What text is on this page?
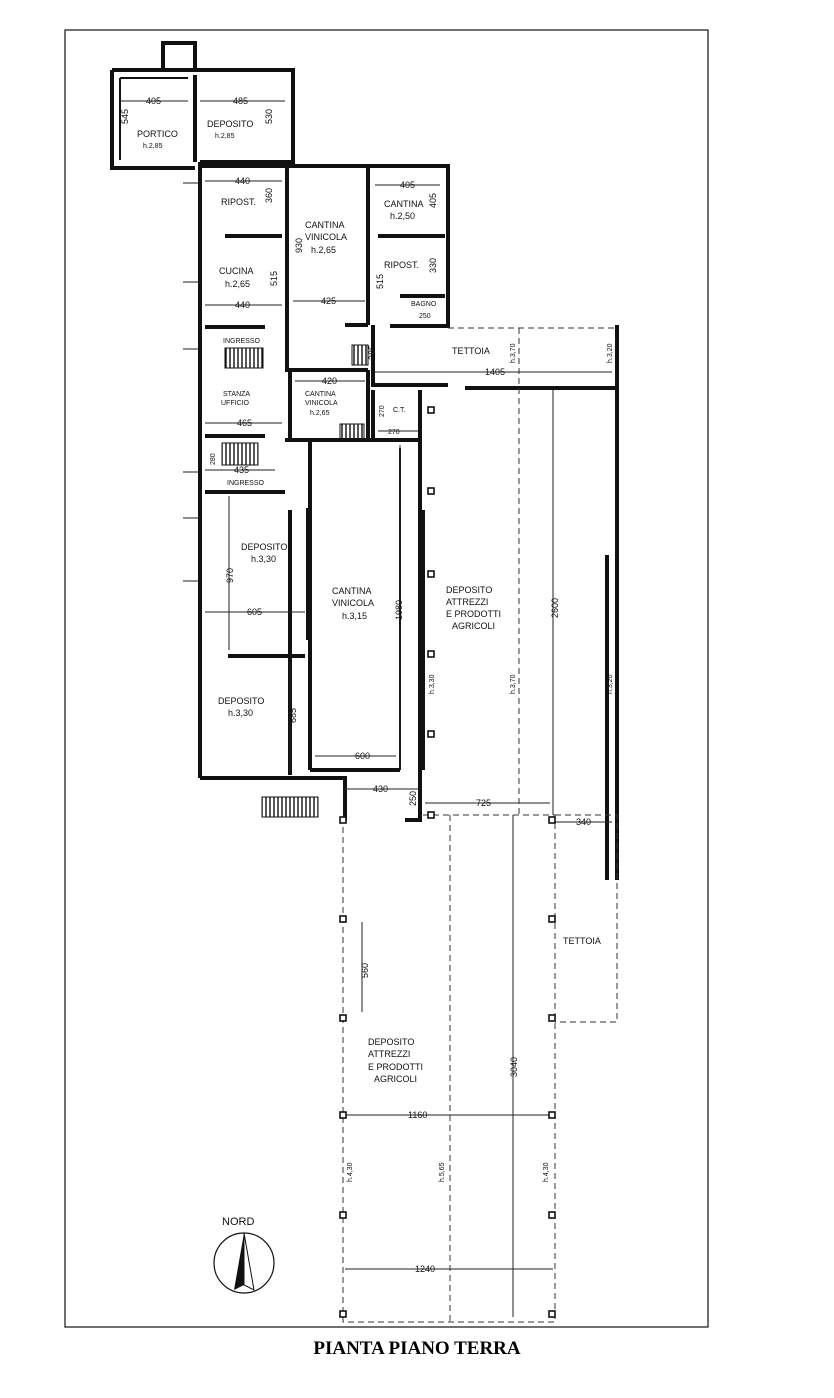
PORTICO
h.2,85
DEPOSITO
h.2,85
RIPOST.
CUCINA
h.2,65
INGRESSO
STANZA
UFFICIO
INGRESSO
CANTINA
VINICOLA
h.2,65
CANTINA
VINICOLA
h.2,65
CANTINA
h.2,50
RIPOST.
BAGNO
TETTOIA
C.T.
DEPOSITO
h.3,30
DEPOSITO
h.3,30
CANTINA
VINICOLA
h.3,15
DEPOSITO
ATTREZZI
E PRODOTTI
AGRICOLI
DEPOSITO
ATTREZZI
E PRODOTTI
AGRICOLI
TETTOIA
405	485
545	530
440
360
930
515
440	425
405
405
330
515
250
385	h.3,70	h.3,20
1405
420
270
270
465
280
435
970
605
685
1980
600
430
250	725
340
2600
h.3,30	h.3,70	h.3,20
560
3040
1160
h.4,30	h.5,65	h.4,30
1240
NORD
PIANTA PIANO TERRA
